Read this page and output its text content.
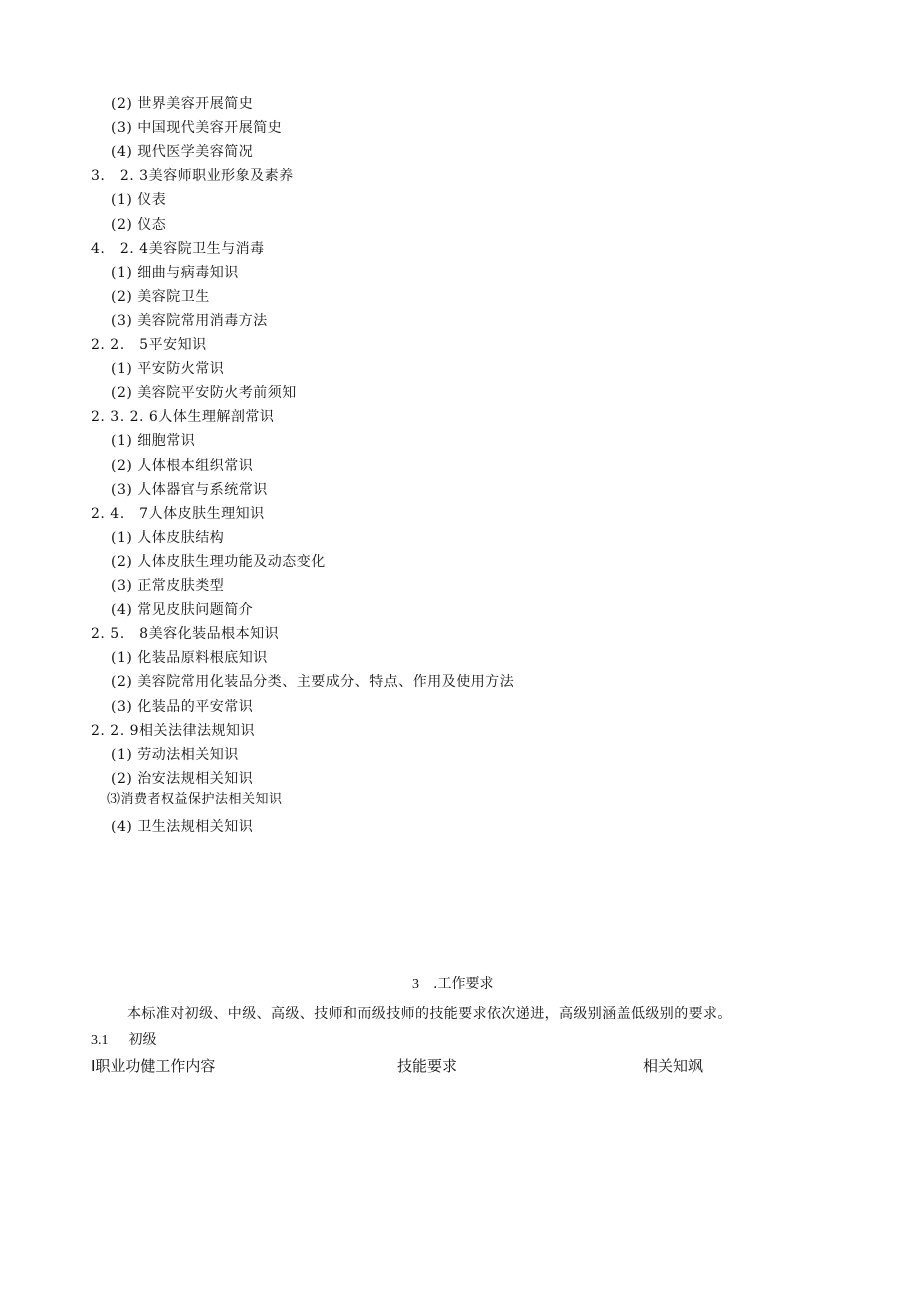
(2) 世界美容开展简史
(3) 中国现代美容开展简史
(4) 现代医学美容简况
3.　2. 3美容师职业形象及素养
(1) 仪表
(2) 仪态
4.　2. 4美容院卫生与消毒
(1) 细曲与病毒知识
(2) 美容院卫生
(3) 美容院常用消毒方法
2. 2.　5平安知识
(1) 平安防火常识
(2) 美容院平安防火考前须知
2. 3. 2. 6人体生理解剖常识
(1) 细胞常识
(2) 人体根本组织常识
(3) 人体器官与系统常识
2. 4.　7人体皮肤生理知识
(1) 人体皮肤结构
(2) 人体皮肤生理功能及动态变化
(3) 正常皮肤类型
(4) 常见皮肤问题简介
2. 5.　8美容化装品根本知识
(1) 化装品原料根底知识
(2) 美容院常用化装品分类、主要成分、特点、作用及使用方法
(3) 化装品的平安常识
2. 2. 9相关法律法规知识
(1) 劳动法相关知识
(2) 治安法规相关知识
⑶消费者权益保护法相关知识
(4) 卫生法规相关知识
3 .工作要求
本标准对初级、中级、高级、技师和而级技师的技能要求依次递进，高级别涵盖低级别的要求。
3.1 初级
I职业功健工作内容	技能要求	相关知飒
